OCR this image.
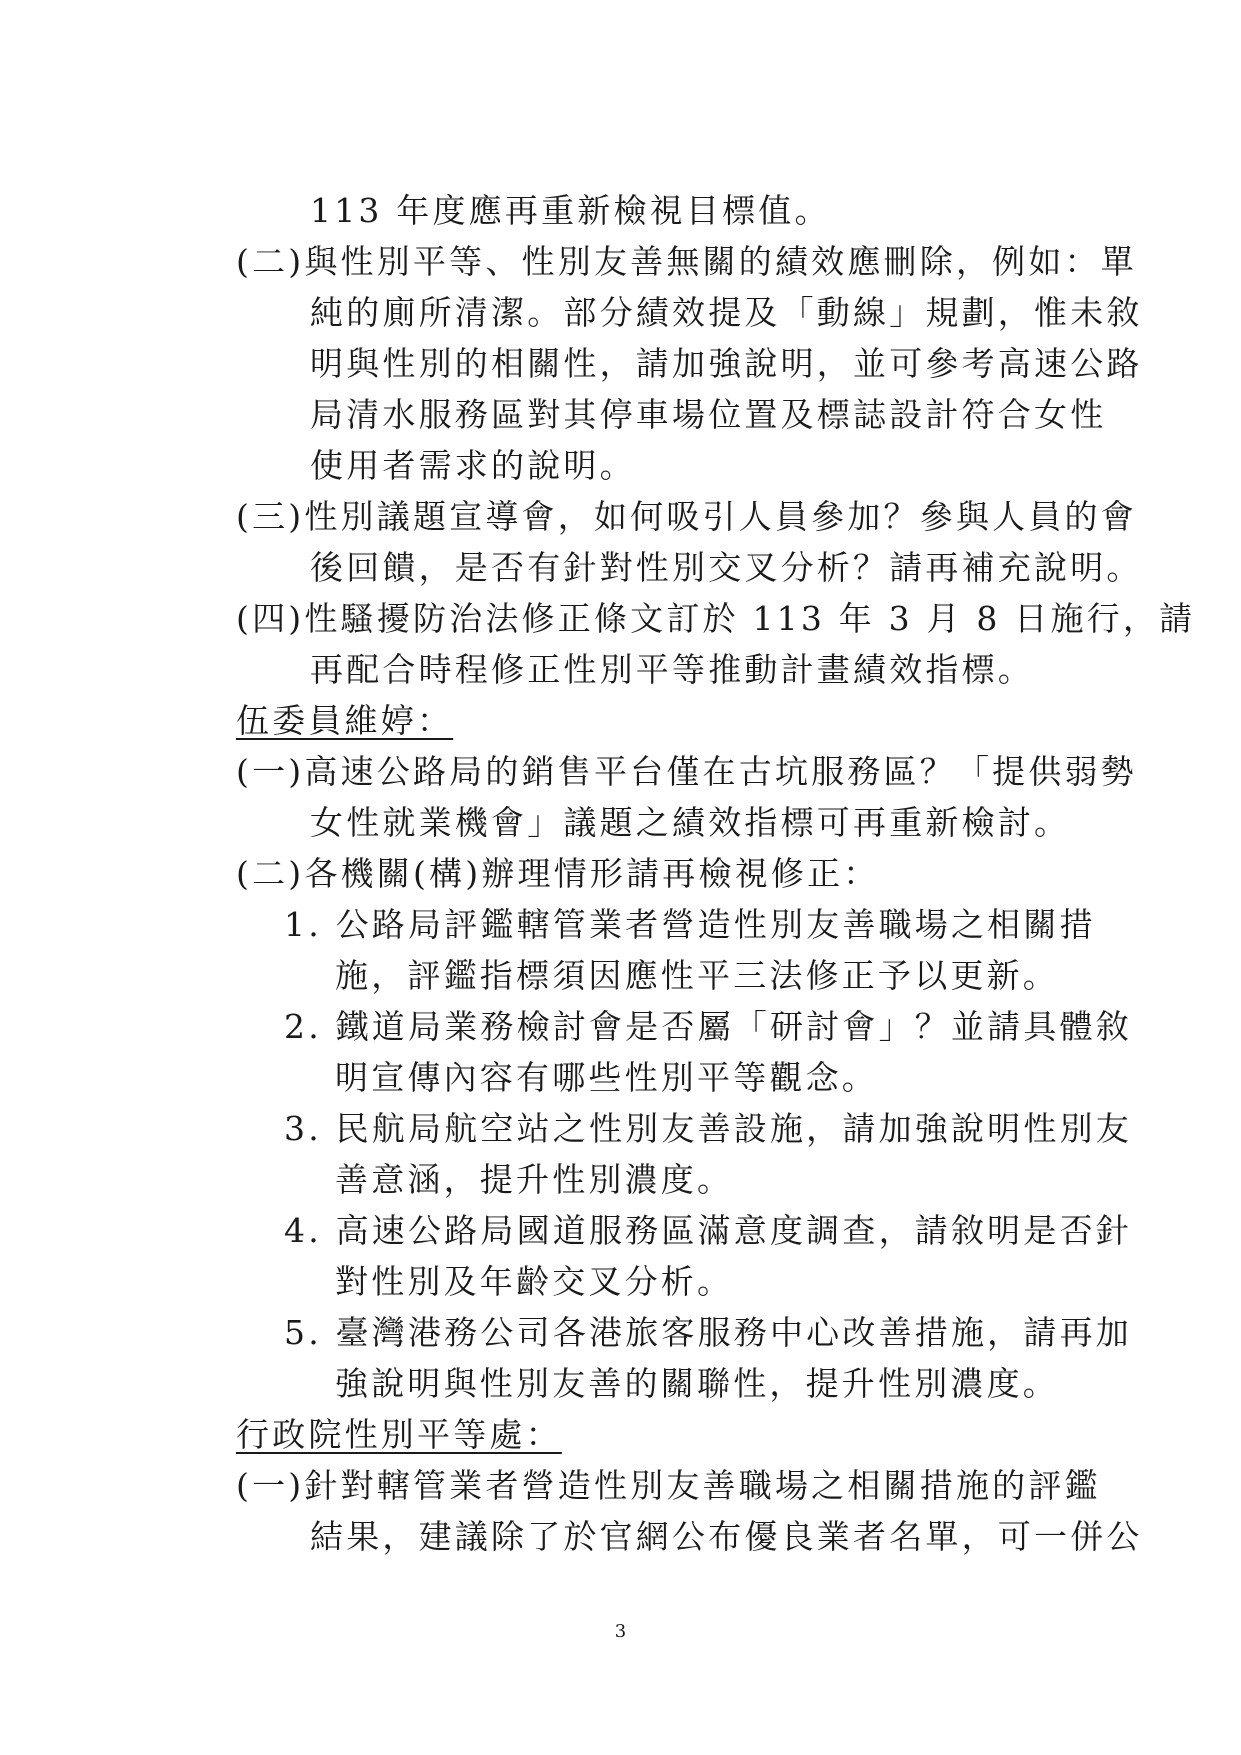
113 年度應再重新檢視目標值。
(二)與性別平等、性別友善無關的績效應刪除，例如：單
純的廁所清潔。部分績效提及「動線」規劃，惟未敘
明與性別的相關性，請加強說明，並可參考高速公路
局清水服務區對其停車場位置及標誌設計符合女性
使用者需求的說明。
(三)性別議題宣導會，如何吸引人員參加？參與人員的會
後回饋，是否有針對性別交叉分析？請再補充說明。
(四)性騷擾防治法修正條文訂於 113 年 3 月 8 日施行，請
再配合時程修正性別平等推動計畫績效指標。
伍委員維婷：
(一)高速公路局的銷售平台僅在古坑服務區？「提供弱勢
女性就業機會」議題之績效指標可再重新檢討。
(二)各機關(構)辦理情形請再檢視修正：
1. 公路局評鑑轄管業者營造性別友善職場之相關措
施，評鑑指標須因應性平三法修正予以更新。
2. 鐵道局業務檢討會是否屬「研討會」？並請具體敘
明宣傳內容有哪些性別平等觀念。
3. 民航局航空站之性別友善設施，請加強說明性別友
善意涵，提升性別濃度。
4. 高速公路局國道服務區滿意度調查，請敘明是否針
對性別及年齡交叉分析。
5. 臺灣港務公司各港旅客服務中心改善措施，請再加
強說明與性別友善的關聯性，提升性別濃度。
行政院性別平等處：
(一)針對轄管業者營造性別友善職場之相關措施的評鑑
結果，建議除了於官網公布優良業者名單，可一併公
3
